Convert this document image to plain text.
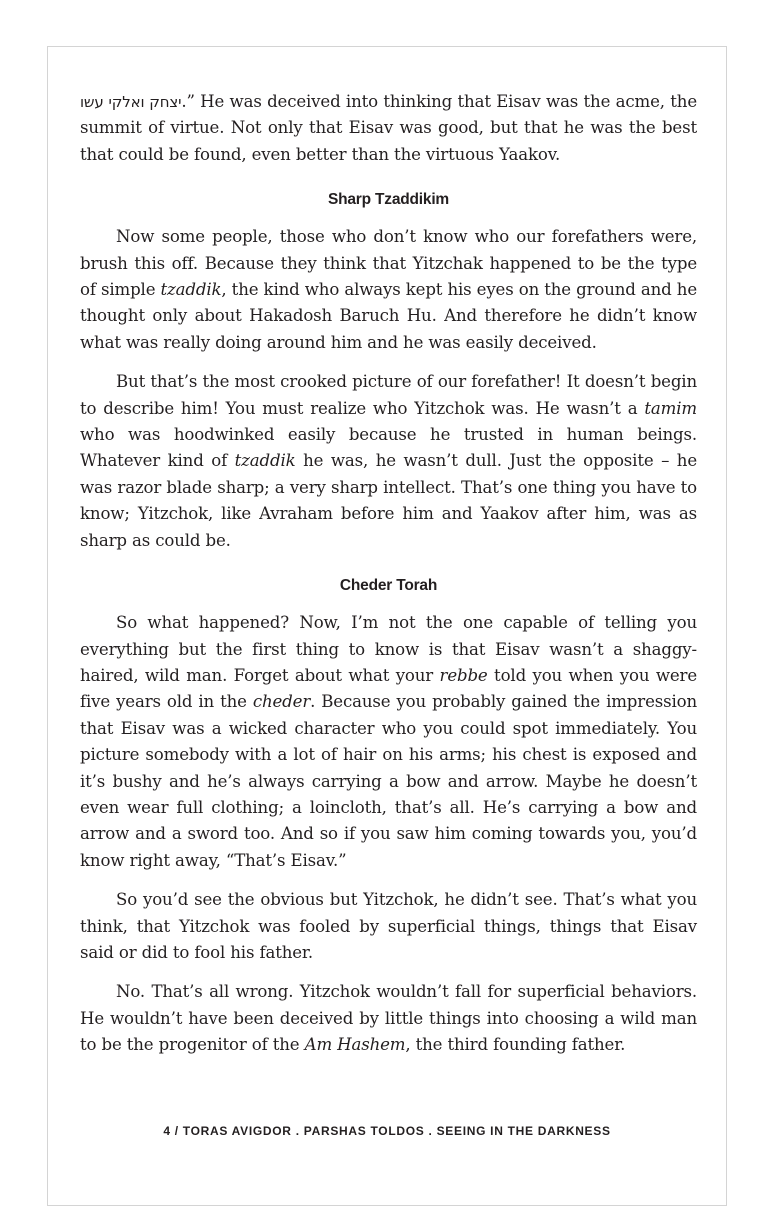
יצחק ואלקי עשו.” He was deceived into thinking that Eisav was the acme, the summit of virtue. Not only that Eisav was good, but that he was the best that could be found, even better than the virtuous Yaakov.

Sharp Tzaddikim

Now some people, those who don’t know who our forefathers were, brush this off. Because they think that Yitzchak happened to be the type of simple tzaddik, the kind who always kept his eyes on the ground and he thought only about Hakadosh Baruch Hu. And therefore he didn’t know what was really doing around him and he was easily deceived.

But that’s the most crooked picture of our forefather! It doesn’t begin to describe him! You must realize who Yitzchok was. He wasn’t a tamim who was hoodwinked easily because he trusted in human beings. Whatever kind of tzaddik he was, he wasn’t dull. Just the opposite – he was razor blade sharp; a very sharp intellect. That’s one thing you have to know; Yitzchok, like Avraham before him and Yaakov after him, was as sharp as could be.

Cheder Torah

So what happened? Now, I’m not the one capable of telling you everything but the first thing to know is that Eisav wasn’t a shaggy-haired, wild man. Forget about what your rebbe told you when you were five years old in the cheder. Because you probably gained the impression that Eisav was a wicked character who you could spot immediately. You picture somebody with a lot of hair on his arms; his chest is exposed and it’s bushy and he’s always carrying a bow and arrow. Maybe he doesn’t even wear full clothing; a loincloth, that’s all. He’s carrying a bow and arrow and a sword too. And so if you saw him coming towards you, you’d know right away, “That’s Eisav.”

So you’d see the obvious but Yitzchok, he didn’t see. That’s what you think, that Yitzchok was fooled by superficial things, things that Eisav said or did to fool his father.

No. That’s all wrong. Yitzchok wouldn’t fall for superficial behaviors. He wouldn’t have been deceived by little things into choosing a wild man to be the progenitor of the Am Hashem, the third founding father.

4 / TORAS AVIGDOR . PARSHAS TOLDOS . SEEING IN THE DARKNESS
